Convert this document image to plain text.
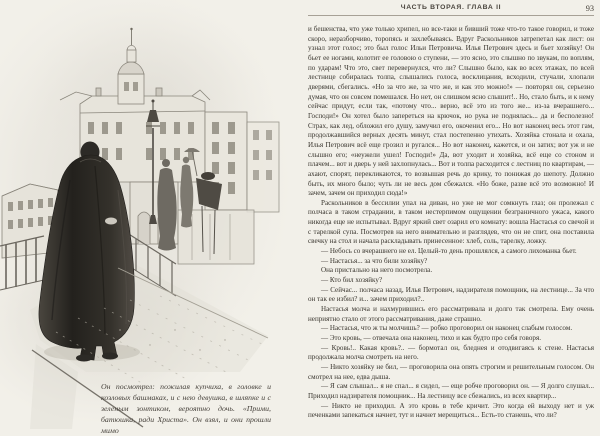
Он посмотрел: пожилая купчиха, в головке и козловых башмаках, и с нею девушка, в шляпке и с зеленым зонтиком, вероятно дочь. «Прими, батюшка, ради Христа». Он взял, и они прошли мимо
ЧАСТЬ ВТОРАЯ. ГЛАВА II	93

и бешенства, что уже только хрипел, но все-таки и бивший тоже что-то такое говорил, и тоже скоро, неразборчиво, торопясь и захлебываясь. Вдруг Раскольников затрепетал как лист: он узнал этот голос; это был голос Ильи Петровича. Илья Петрович здесь и бьет хозяйку! Он бьет ее ногами, колотит ее головою о ступени, — это ясно, это слышно по звукам, по воплям, по ударам! Что это, свет перевернулся, что ли? Слышно было, как во всех этажах, по всей лестнице собиралась толпа, слышались голоса, восклицания, всходили, стучали, хлопали дверями, сбегались. «Но за что же, за что же, и как это можно!» — повторял он, серьезно думая, что он совсем помешался. Но нет, он слишком ясно слышит!.. Но, стало быть, и к нему сейчас придут, если так, «потому что... верно, всё это из того же... из-за вчерашнего... Господи!» Он хотел было запереться на крючок, но рука не поднялась... да и бесполезно! Страх, как лед, обложил его душу, замучил его, окоченил его... Но вот наконец весь этот гам, продолжавшийся верных десять минут, стал постепенно утихать. Хозяйка стонала и охала, Илья Петрович всё еще грозил и ругался... Но вот наконец, кажется, и он затих; вот уж и не слышно его; «неужели ушел! Господи!» Да, вот уходит и хозяйка, всё еще со стоном и плачем... вот и дверь у ней захлопнулась... Вот и толпа расходится с лестниц по квартирам, — ахают, спорят, перекликаются, то возвышая речь до крику, то понижая до шепоту. Должно быть, их много было; чуть ли не весь дом сбежался. «Но боже, разве всё это возможно! И зачем, зачем он приходил сюда!»

Раскольников в бессилии упал на диван, но уже не мог сомкнуть глаз; он пролежал с полчаса в таком страдании, в таком нестерпимом ощущении безграничного ужаса, какого никогда еще не испытывал. Вдруг яркий свет озарил его комнату: вошла Настасья со свечой и с тарелкой супа. Посмотрев на него внимательно и разглядев, что он не спит, она поставила свечку на стол и начала раскладывать принесенное: хлеб, соль, тарелку, ложку.

— Небось со вчерашнего не ел. Целый-то день прошлялся, а самого лихоманка бьет.

— Настасья... за что били хозяйку?

Она пристально на него посмотрела.

— Кто бил хозяйку?

— Сейчас... полчаса назад, Илья Петрович, надзирателя помощник, на лестнице... За что он так ее избил? и... зачем приходил?..

Настасья молча и нахмурившись его рассматривала и долго так смотрела. Ему очень неприятно стало от этого рассматривания, даже страшно.

— Настасья, что ж ты молчишь? — робко проговорил он наконец слабым голосом.

— Это кровь, — отвечала она наконец, тихо и как будто про себя говоря.

— Кровь!.. Какая кровь?.. — бормотал он, бледнея и отодвигаясь к стене. Настасья продолжала молча смотреть на него.

— Никто хозяйку не бил, — проговорила она опять строгим и решительным голосом. Он смотрел на нее, едва дыша.

— Я сам слышал... я не спал... я сидел, — еще робче проговорил он. — Я долго слушал... Приходил надзирателя помощник... На лестницу все сбежались, из всех квартир...

— Никто не приходил. А это кровь в тебе кричит. Это когда ей выходу нет и уж печенками запекаться начнет, тут и начнет мерещиться... Есть-то станешь, что ли?
